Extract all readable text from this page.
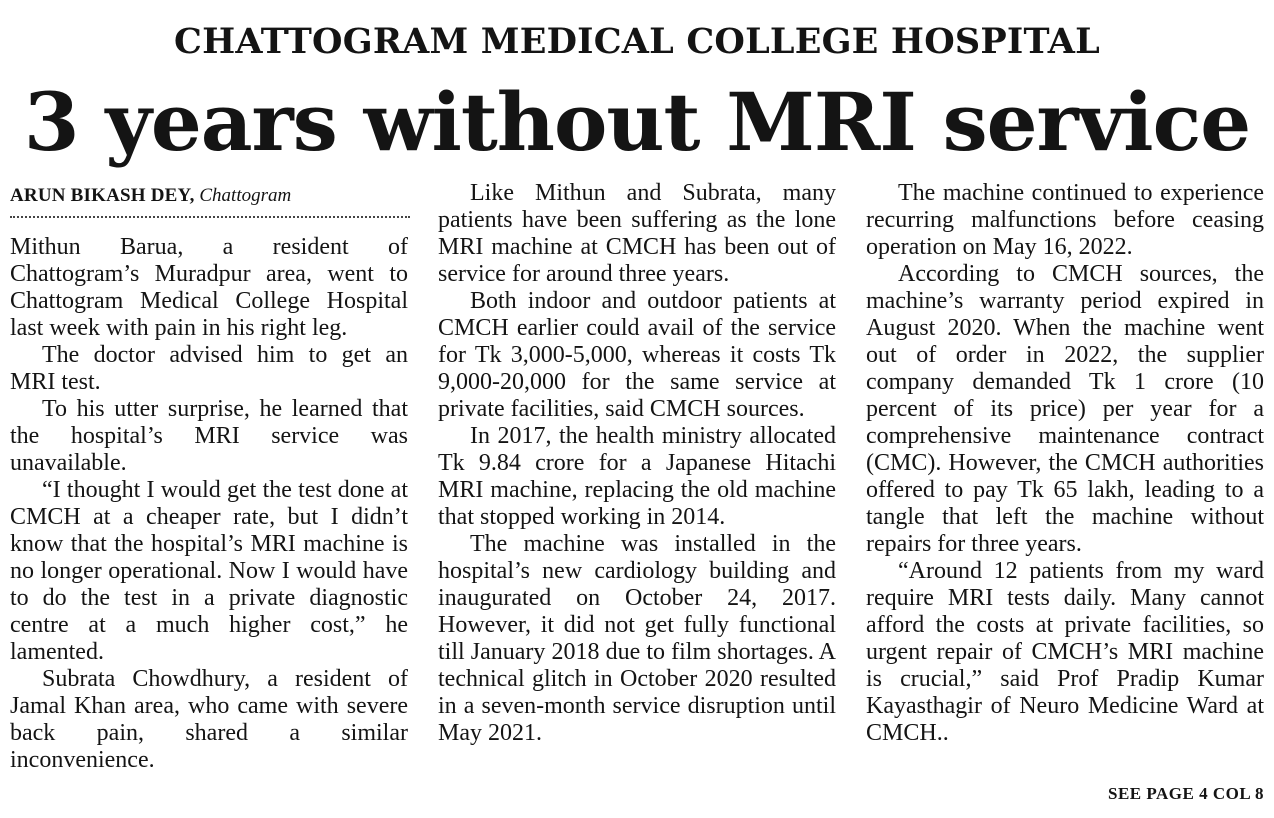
CHATTOGRAM MEDICAL COLLEGE HOSPITAL
3 years without MRI service
ARUN BIKASH DEY, Chattogram

Mithun Barua, a resident of Chattogram’s Muradpur area, went to Chattogram Medical College Hospital last week with pain in his right leg.

The doctor advised him to get an MRI test.

To his utter surprise, he learned that the hospital’s MRI service was unavailable.

“I thought I would get the test done at CMCH at a cheaper rate, but I didn’t know that the hospital’s MRI machine is no longer operational. Now I would have to do the test in a private diagnostic centre at a much higher cost,” he lamented.

Subrata Chowdhury, a resident of Jamal Khan area, who came with severe back pain, shared a similar inconvenience.

Like Mithun and Subrata, many patients have been suffering as the lone MRI machine at CMCH has been out of service for around three years.

Both indoor and outdoor patients at CMCH earlier could avail of the service for Tk 3,000-5,000, whereas it costs Tk 9,000-20,000 for the same service at private facilities, said CMCH sources.

In 2017, the health ministry allocated Tk 9.84 crore for a Japanese Hitachi MRI machine, replacing the old machine that stopped working in 2014.

The machine was installed in the hospital’s new cardiology building and inaugurated on October 24, 2017. However, it did not get fully functional till January 2018 due to film shortages. A technical glitch in October 2020 resulted in a seven-month service disruption until May 2021.

The machine continued to experience recurring malfunctions before ceasing operation on May 16, 2022.

According to CMCH sources, the machine’s warranty period expired in August 2020. When the machine went out of order in 2022, the supplier company demanded Tk 1 crore (10 percent of its price) per year for a comprehensive maintenance contract (CMC). However, the CMCH authorities offered to pay Tk 65 lakh, leading to a tangle that left the machine without repairs for three years.

“Around 12 patients from my ward require MRI tests daily. Many cannot afford the costs at private facilities, so urgent repair of CMCH’s MRI machine is crucial,” said Prof Pradip Kumar Kayasthagir of Neuro Medicine Ward at CMCH..

SEE PAGE 4 COL 8
